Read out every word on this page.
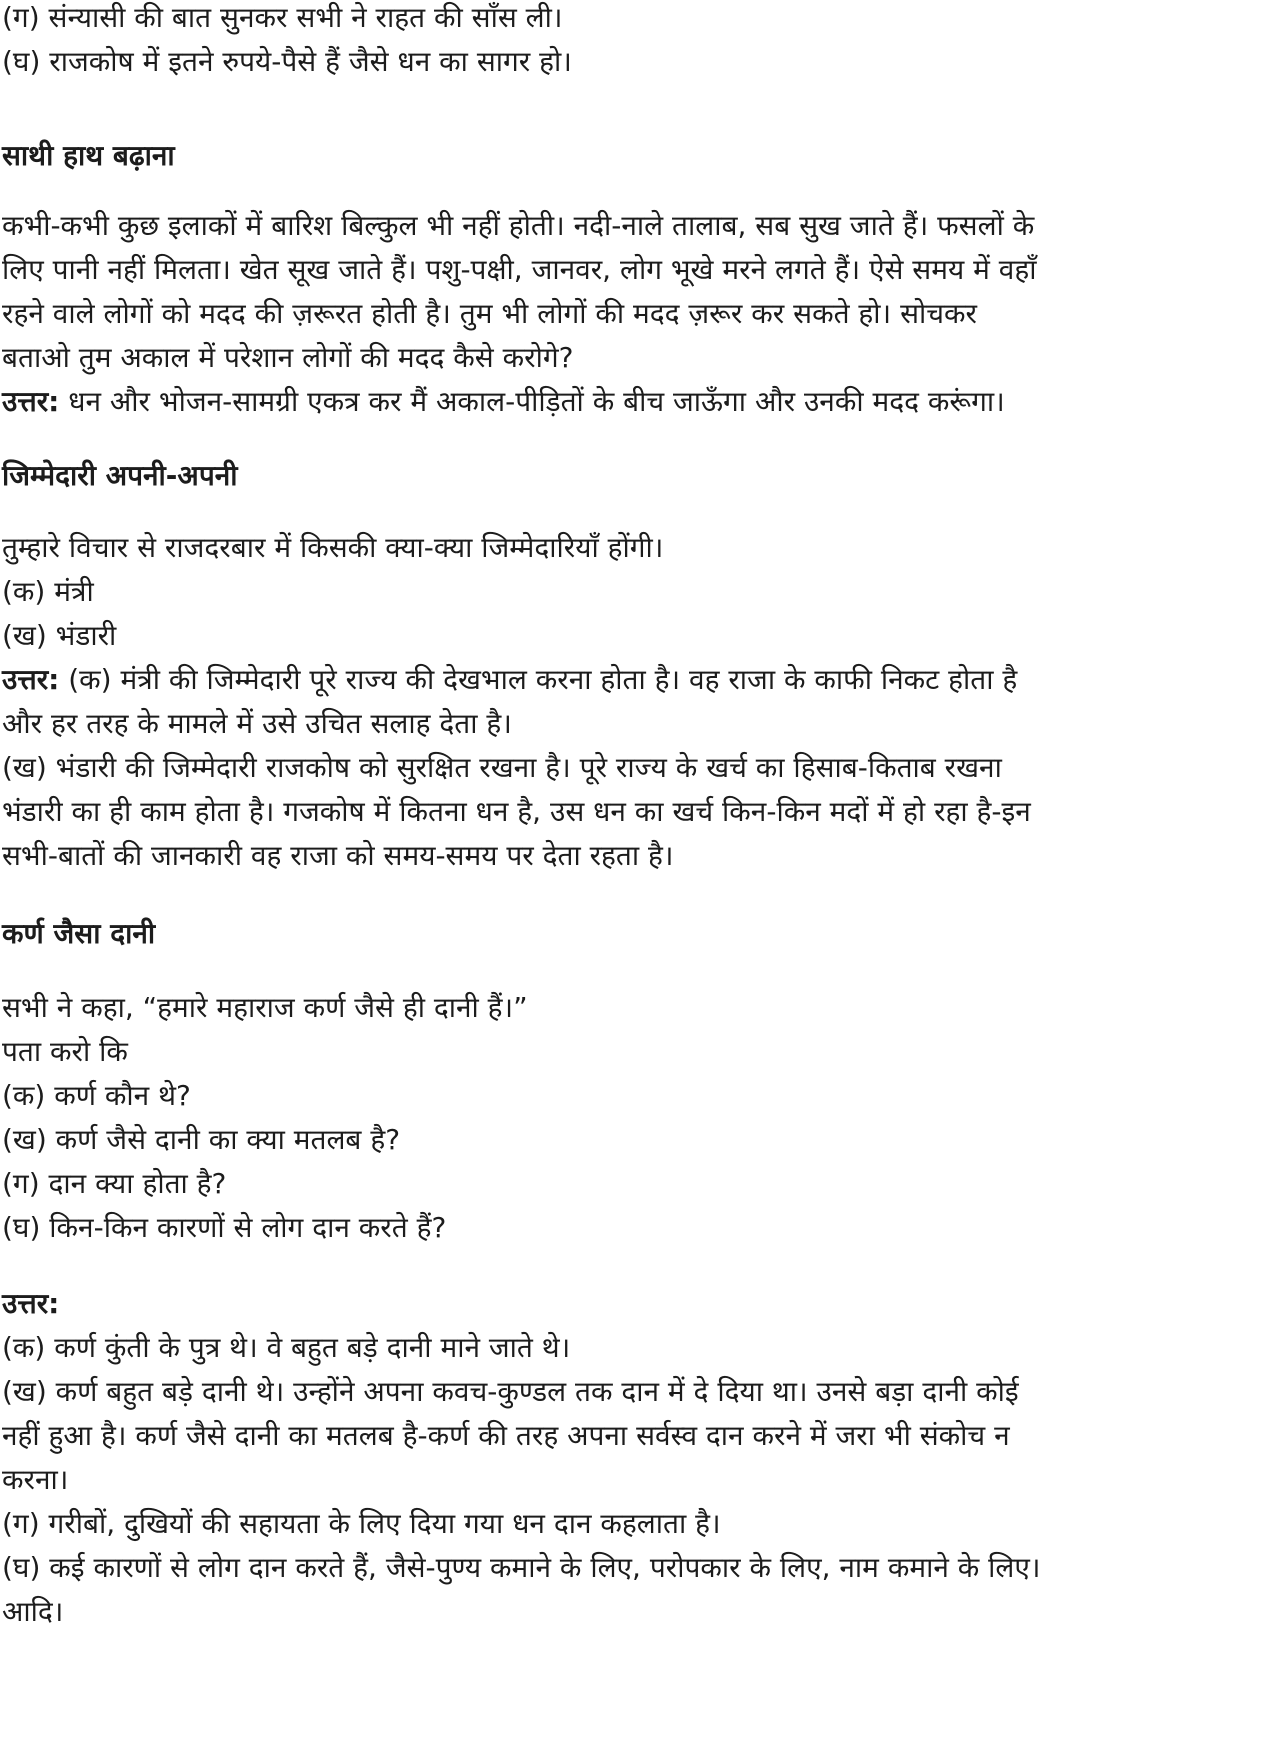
(ग) संन्यासी की बात सुनकर सभी ने राहत की साँस ली।

(घ) राजकोष में इतने रुपये-पैसे हैं जैसे धन का सागर हो।

साथी हाथ बढ़ाना

कभी-कभी कुछ इलाकों में बारिश बिल्कुल भी नहीं होती। नदी-नाले तालाब, सब सुख जाते हैं। फसलों के

लिए पानी नहीं मिलता। खेत सूख जाते हैं। पशु-पक्षी, जानवर, लोग भूखे मरने लगते हैं। ऐसे समय में वहाँ

रहने वाले लोगों को मदद की ज़रूरत होती है। तुम भी लोगों की मदद ज़रूर कर सकते हो। सोचकर

बताओ तुम अकाल में परेशान लोगों की मदद कैसे करोगे?

उत्तर: धन और भोजन-सामग्री एकत्र कर मैं अकाल-पीड़ितों के बीच जाऊँगा और उनकी मदद करूंगा।

जिम्मेदारी अपनी-अपनी

तुम्हारे विचार से राजदरबार में किसकी क्या-क्या जिम्मेदारियाँ होंगी।

(क) मंत्री

(ख) भंडारी

उत्तर: (क) मंत्री की जिम्मेदारी पूरे राज्य की देखभाल करना होता है। वह राजा के काफी निकट होता है

और हर तरह के मामले में उसे उचित सलाह देता है।

(ख) भंडारी की जिम्मेदारी राजकोष को सुरक्षित रखना है। पूरे राज्य के खर्च का हिसाब-किताब रखना

भंडारी का ही काम होता है। गजकोष में कितना धन है, उस धन का खर्च किन-किन मदों में हो रहा है-इन

सभी-बातों की जानकारी वह राजा को समय-समय पर देता रहता है।

कर्ण जैसा दानी

सभी ने कहा, “हमारे महाराज कर्ण जैसे ही दानी हैं।”

पता करो कि

(क) कर्ण कौन थे?

(ख) कर्ण जैसे दानी का क्या मतलब है?

(ग) दान क्या होता है?

(घ) किन-किन कारणों से लोग दान करते हैं?

उत्तर:

(क) कर्ण कुंती के पुत्र थे। वे बहुत बड़े दानी माने जाते थे।

(ख) कर्ण बहुत बड़े दानी थे। उन्होंने अपना कवच-कुण्डल तक दान में दे दिया था। उनसे बड़ा दानी कोई

नहीं हुआ है। कर्ण जैसे दानी का मतलब है-कर्ण की तरह अपना सर्वस्व दान करने में जरा भी संकोच न

करना।

(ग) गरीबों, दुखियों की सहायता के लिए दिया गया धन दान कहलाता है।

(घ) कई कारणों से लोग दान करते हैं, जैसे-पुण्य कमाने के लिए, परोपकार के लिए, नाम कमाने के लिए।

आदि।
